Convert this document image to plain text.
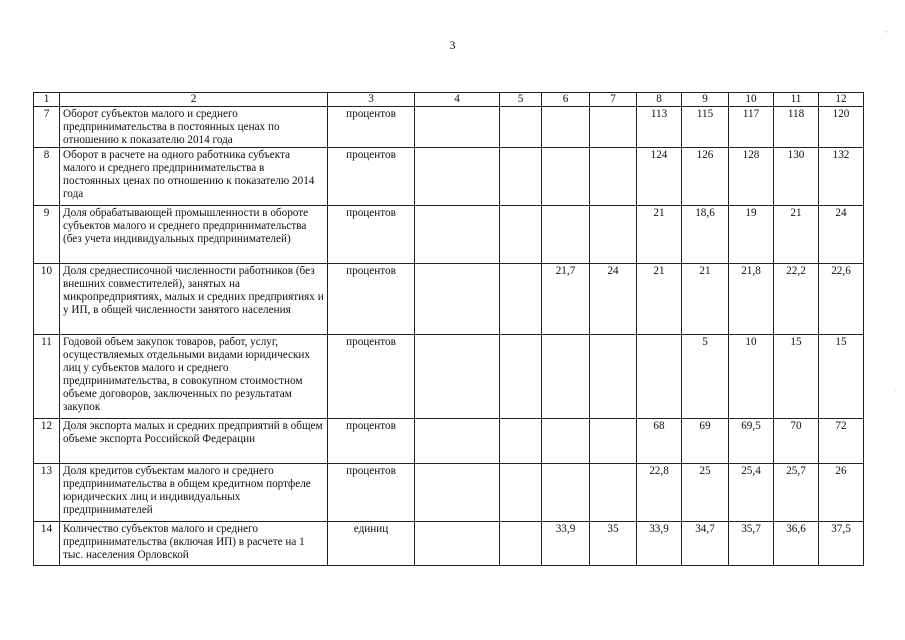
3
'
.
1	2	3	4	5	6	7	8	9	10	11	12
7	Оборот субъектов малого и среднего предпринимательства в постоянных ценах по отношению к показателю 2014 года	процентов					113	115	117	118	120
8	Оборот в расчете на одного работника субъекта малого и среднего предпринимательства в постоянных ценах по отношению к показателю 2014 года	процентов					124	126	128	130	132
9	Доля обрабатывающей промышленности в обороте субъектов малого и среднего предпринимательства (без учета индивидуальных предпринимателей)	процентов					21	18,6	19	21	24
10	Доля среднесписочной численности работников (без внешних совместителей), занятых на микропредприятиях, малых и средних предприятиях и у ИП, в общей численности занятого населения	процентов			21,7	24	21	21	21,8	22,2	22,6
11	Годовой объем закупок товаров, работ, услуг, осуществляемых отдельными видами юридических лиц у субъектов малого и среднего предпринимательства, в совокупном стоимостном объеме договоров, заключенных по результатам закупок	процентов						5	10	15	15
12	Доля экспорта малых и средних предприятий в общем объеме экспорта Российской Федерации	процентов					68	69	69,5	70	72
13	Доля кредитов субъектам малого и среднего предпринимательства в общем кредитном портфеле юридических лиц и индивидуальных предпринимателей	процентов					22,8	25	25,4	25,7	26
14	Количество субъектов малого и среднего предпринимательства (включая ИП) в расчете на 1 тыс. населения Орловской	единиц			33,9	35	33,9	34,7	35,7	36,6	37,5
